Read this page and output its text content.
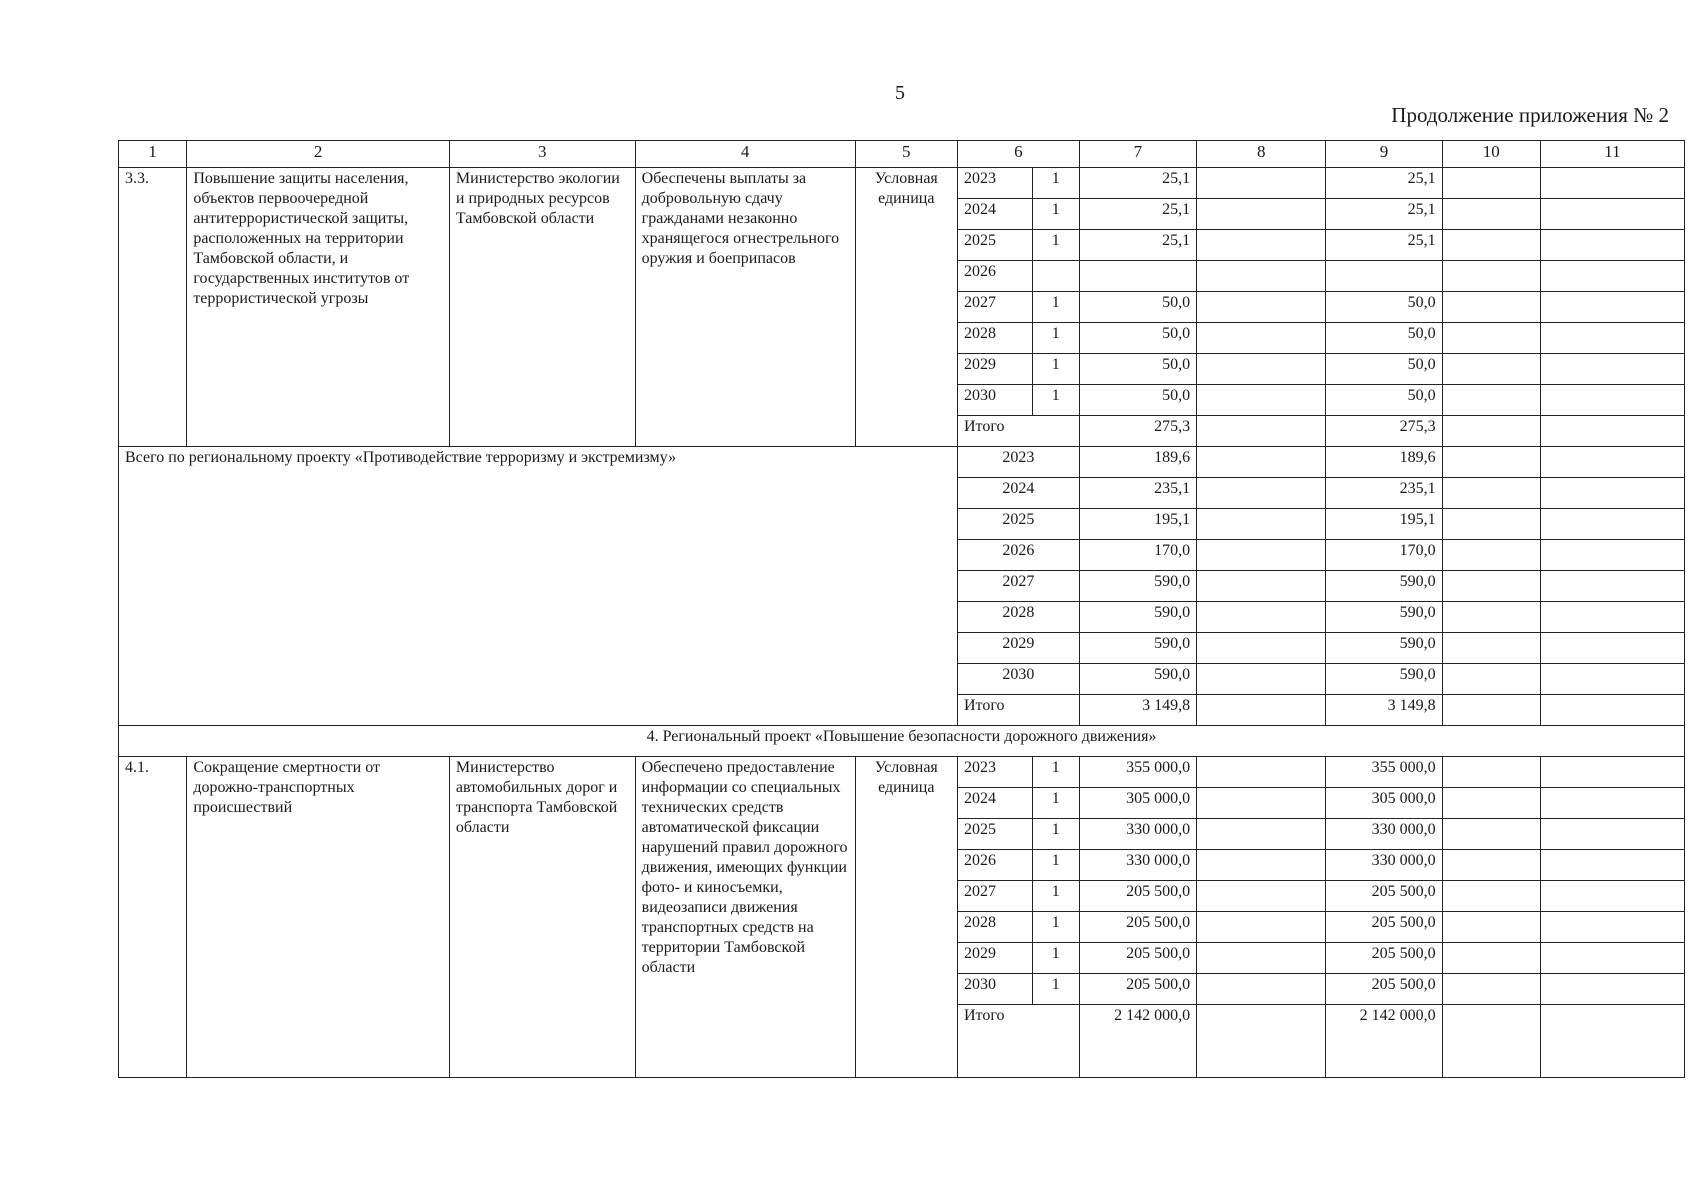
5
Продолжение приложения № 2
1	2	3	4	5	6		7	8	9	10	11
3.3.	Повышение защиты населения, объектов первоочередной антитеррористической защиты, расположенных на территории Тамбовской области, и государственных институтов от террористической угрозы	Министерство экологии и природных ресурсов Тамбовской области	Обеспечены выплаты за добровольную сдачу гражданами незаконно хранящегося огнестрельного оружия и боеприпасов	Условная единица	2023	1	25,1		25,1		
					2024	1	25,1		25,1		
					2025	1	25,1		25,1		
					2026						
					2027	1	50,0		50,0		
					2028	1	50,0		50,0		
					2029	1	50,0		50,0		
					2030	1	50,0		50,0		
					Итого		275,3		275,3		
Всего по региональному проекту «Противодействие терроризму и экстремизму»					2023		189,6		189,6		
					2024		235,1		235,1		
					2025		195,1		195,1		
					2026		170,0		170,0		
					2027		590,0		590,0		
					2028		590,0		590,0		
					2029		590,0		590,0		
					2030		590,0		590,0		
					Итого		3 149,8		3 149,8		
4. Региональный проект «Повышение безопасности дорожного движения»											
4.1.	Сокращение смертности от дорожно-транспортных происшествий	Министерство автомобильных дорог и транспорта Тамбовской области	Обеспечено предоставление информации со специальных технических средств автоматической фиксации нарушений правил дорожного движения, имеющих функции фото- и киносъемки, видеозаписи движения транспортных средств на территории Тамбовской области	Условная единица	2023	1	355 000,0		355 000,0		
					2024	1	305 000,0		305 000,0		
					2025	1	330 000,0		330 000,0		
					2026	1	330 000,0		330 000,0		
					2027	1	205 500,0		205 500,0		
					2028	1	205 500,0		205 500,0		
					2029	1	205 500,0		205 500,0		
					2030	1	205 500,0		205 500,0		
					Итого		2 142 000,0		2 142 000,0		
